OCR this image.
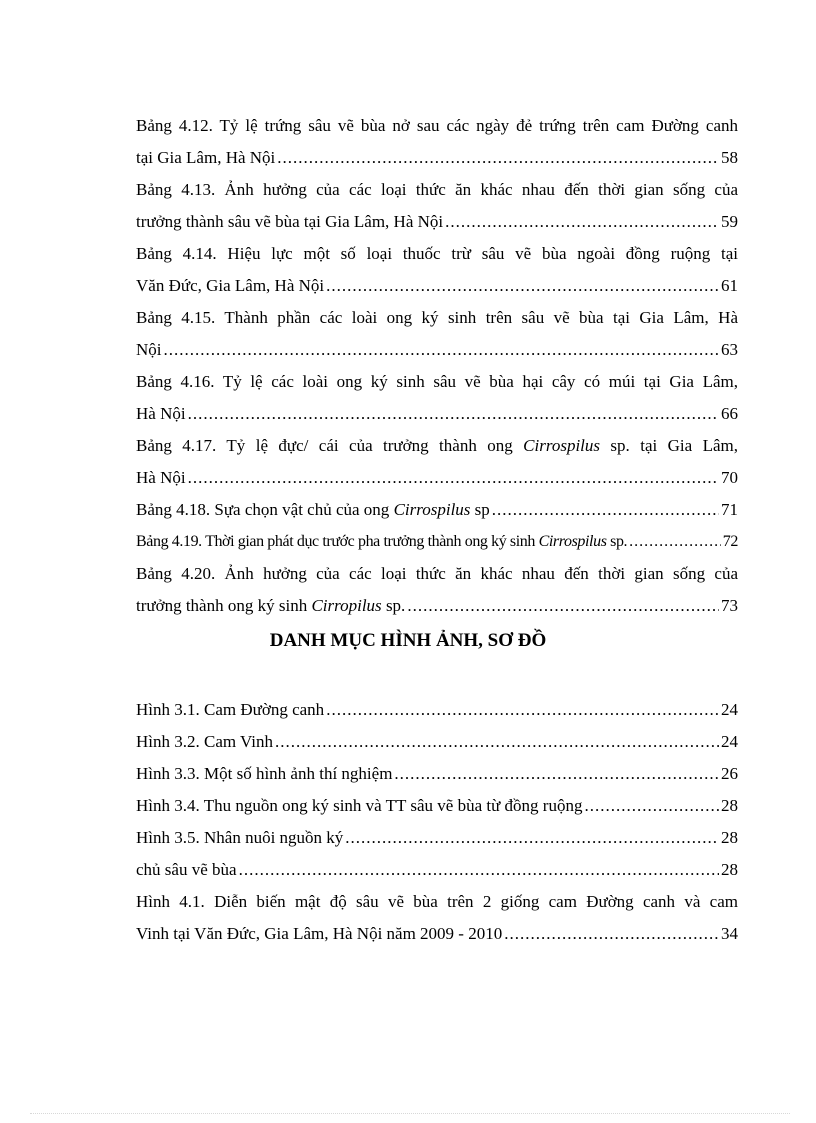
Bảng 4.12. Tỷ lệ trứng sâu vẽ bùa nở sau các ngày đẻ trứng trên cam Đường canh
tại Gia Lâm, Hà Nội .....	58
Bảng 4.13. Ảnh hưởng của các loại thức ăn khác nhau đến thời gian sống của
trưởng thành sâu vẽ bùa tại Gia Lâm, Hà Nội .....	59
Bảng 4.14. Hiệu lực một số loại thuốc trừ sâu vẽ bùa ngoài đồng ruộng tại
Văn Đức, Gia Lâm, Hà Nội .....	61
Bảng 4.15. Thành phần các loài ong ký sinh trên sâu vẽ bùa tại Gia Lâm, Hà
Nội .....	63
Bảng 4.16. Tỷ lệ các loài ong ký sinh sâu vẽ bùa hại cây có múi tại Gia Lâm,
Hà Nội .....	66
Bảng 4.17. Tỷ lệ đực/ cái của trưởng thành ong Cirrospilus sp. tại Gia Lâm,
Hà Nội .....	70
Bảng 4.18. Sựa chọn vật chủ của ong Cirrospilus sp .....	71
Bảng 4.19. Thời gian phát dục trước pha trưởng thành ong ký sinh Cirrospilus sp. .....	72
Bảng 4.20. Ảnh hưởng của các loại thức ăn khác nhau đến thời gian sống của
trưởng thành ong ký sinh Cirropilus sp. .....	73
DANH MỤC HÌNH ẢNH, SƠ ĐỒ
Hình 3.1. Cam Đường canh .....	24
Hình 3.2. Cam Vinh .....	24
Hình 3.3. Một số hình ảnh thí nghiệm .....	26
Hình 3.4. Thu nguồn ong ký sinh và TT sâu vẽ bùa từ đồng ruộng .....	28
Hình 3.5. Nhân nuôi nguồn ký .....	28
chủ sâu vẽ bùa .....	28
Hình 4.1. Diễn biến mật độ sâu vẽ bùa trên 2 giống cam Đường canh và cam
Vinh tại Văn Đức, Gia Lâm, Hà Nội năm 2009 - 2010 .....	34
